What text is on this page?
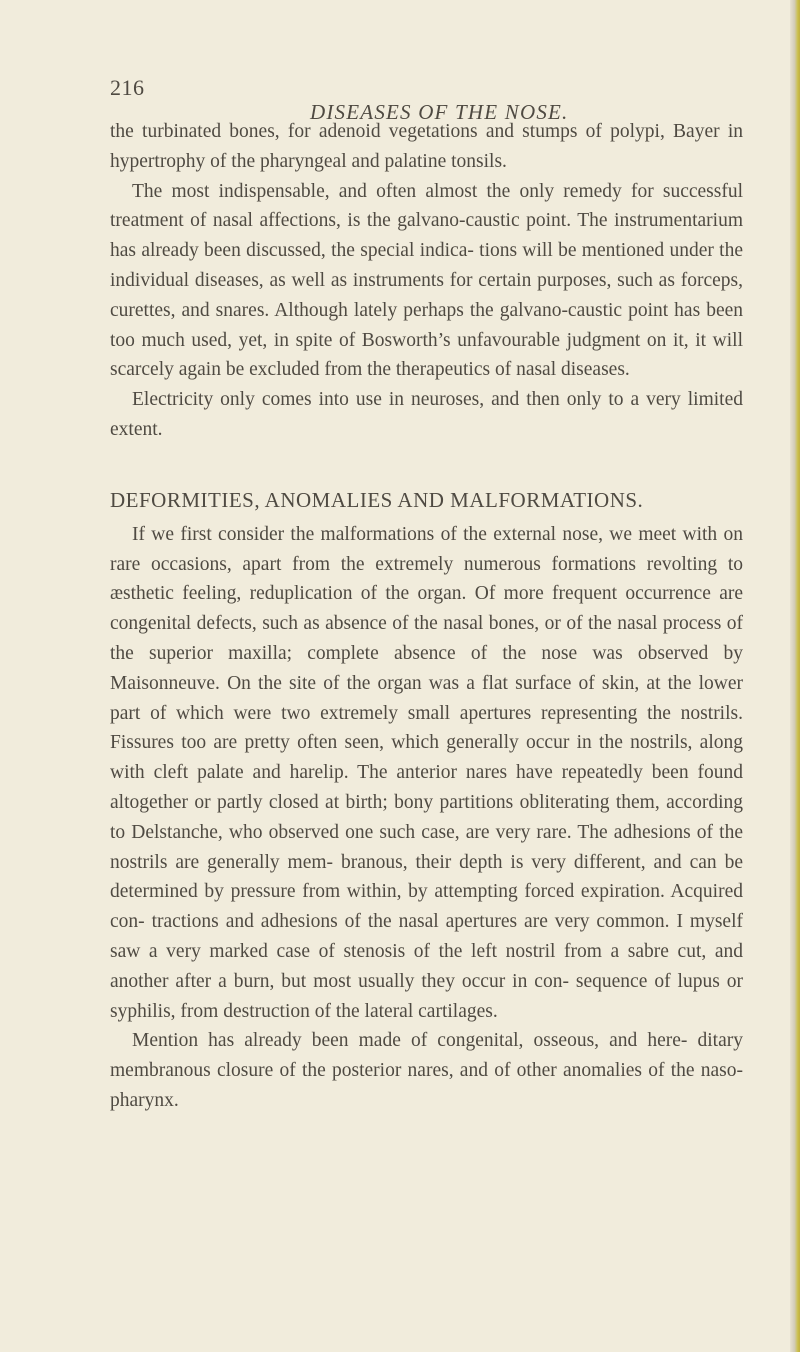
216
DISEASES OF THE NOSE.

the turbinated bones, for adenoid vegetations and stumps of polypi, Bayer in hypertrophy of the pharyngeal and palatine tonsils.

The most indispensable, and often almost the only remedy for successful treatment of nasal affections, is the galvano-caustic point. The instrumentarium has already been discussed, the special indica- tions will be mentioned under the individual diseases, as well as instruments for certain purposes, such as forceps, curettes, and snares. Although lately perhaps the galvano-caustic point has been too much used, yet, in spite of Bosworth’s unfavourable judgment on it, it will scarcely again be excluded from the therapeutics of nasal diseases.

Electricity only comes into use in neuroses, and then only to a very limited extent.

DEFORMITIES, ANOMALIES AND MALFORMATIONS.

If we first consider the malformations of the external nose, we meet with on rare occasions, apart from the extremely numerous formations revolting to æsthetic feeling, reduplication of the organ. Of more frequent occurrence are congenital defects, such as absence of the nasal bones, or of the nasal process of the superior maxilla; complete absence of the nose was observed by Maisonneuve. On the site of the organ was a flat surface of skin, at the lower part of which were two extremely small apertures representing the nostrils. Fissures too are pretty often seen, which generally occur in the nostrils, along with cleft palate and harelip. The anterior nares have repeatedly been found altogether or partly closed at birth; bony partitions obliterating them, according to Delstanche, who observed one such case, are very rare. The adhesions of the nostrils are generally mem- branous, their depth is very different, and can be determined by pressure from within, by attempting forced expiration. Acquired con- tractions and adhesions of the nasal apertures are very common. I myself saw a very marked case of stenosis of the left nostril from a sabre cut, and another after a burn, but most usually they occur in con- sequence of lupus or syphilis, from destruction of the lateral cartilages.

Mention has already been made of congenital, osseous, and here- ditary membranous closure of the posterior nares, and of other anomalies of the naso-pharynx.
